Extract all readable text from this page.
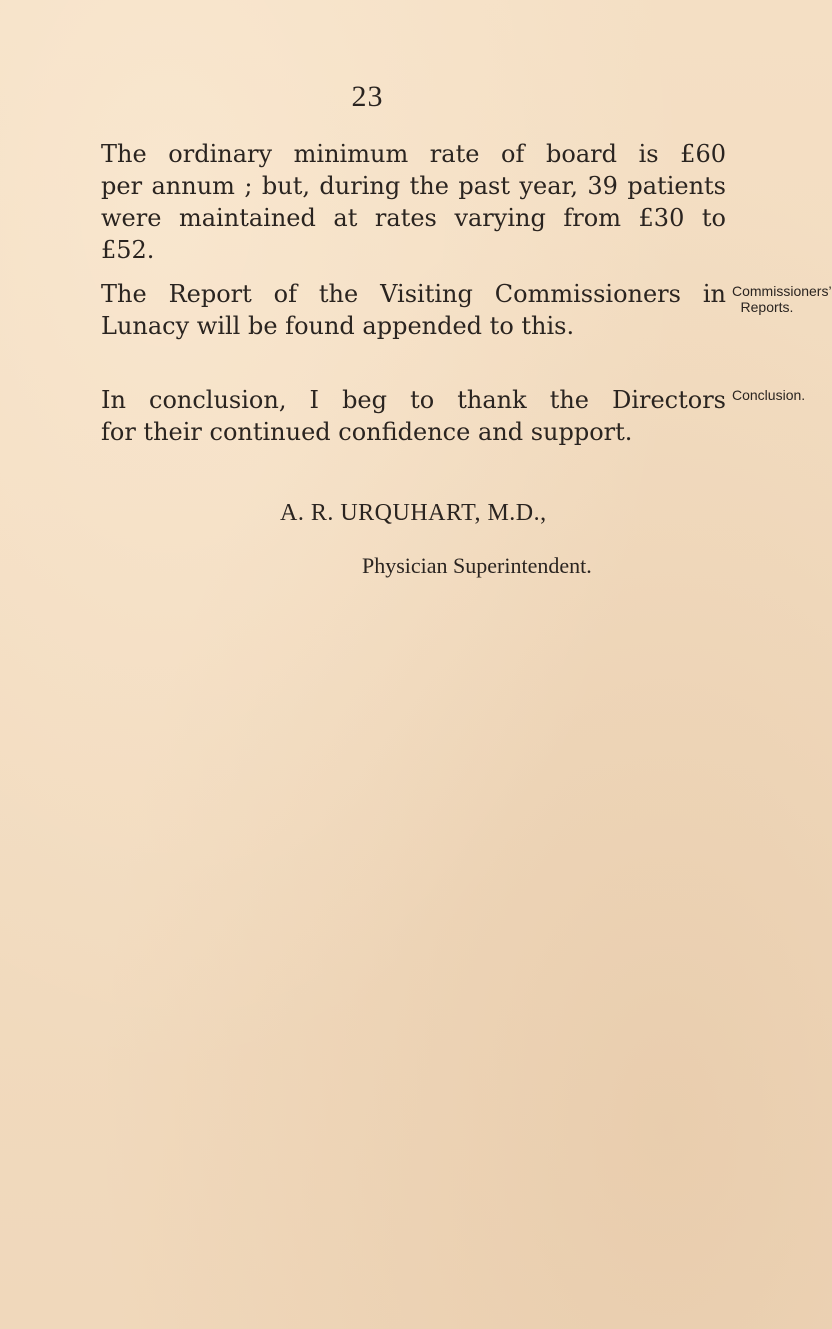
23
The ordinary minimum rate of board is £60
per annum ; but, during the past year, 39 patients
were maintained at rates varying from £30 to
£52.
The Report of the Visiting Commissioners in
Lunacy will be found appended to this.
Commissioners’
Reports.
In conclusion, I beg to thank the Directors
for their continued confidence and support.
Conclusion.
A. R. URQUHART, M.D.,
Physician Superintendent.
